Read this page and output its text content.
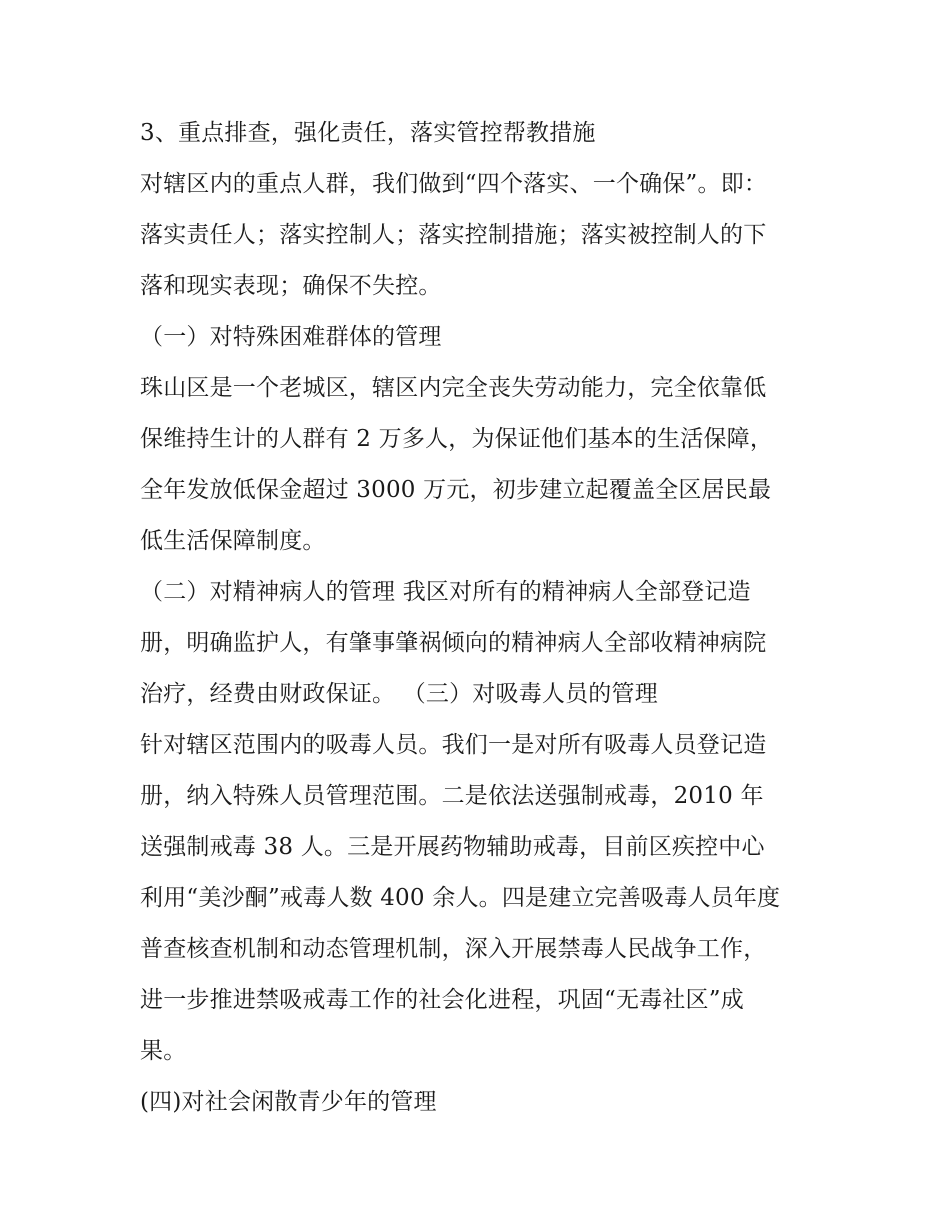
3、重点排查，强化责任，落实管控帮教措施
对辖区内的重点人群，我们做到“四个落实、一个确保”。即：
落实责任人；落实控制人；落实控制措施；落实被控制人的下
落和现实表现；确保不失控。
（一）对特殊困难群体的管理
珠山区是一个老城区，辖区内完全丧失劳动能力，完全依靠低
保维持生计的人群有 2 万多人，为保证他们基本的生活保障，
全年发放低保金超过 3000 万元，初步建立起覆盖全区居民最
低生活保障制度。
（二）对精神病人的管理 我区对所有的精神病人全部登记造
册，明确监护人，有肇事肇祸倾向的精神病人全部收精神病院
治疗，经费由财政保证。 （三）对吸毒人员的管理
针对辖区范围内的吸毒人员。我们一是对所有吸毒人员登记造
册，纳入特殊人员管理范围。二是依法送强制戒毒，2010 年
送强制戒毒 38 人。三是开展药物辅助戒毒，目前区疾控中心
利用“美沙酮”戒毒人数 400 余人。四是建立完善吸毒人员年度
普查核查机制和动态管理机制，深入开展禁毒人民战争工作，
进一步推进禁吸戒毒工作的社会化进程，巩固“无毒社区”成
果。
(四)对社会闲散青少年的管理
